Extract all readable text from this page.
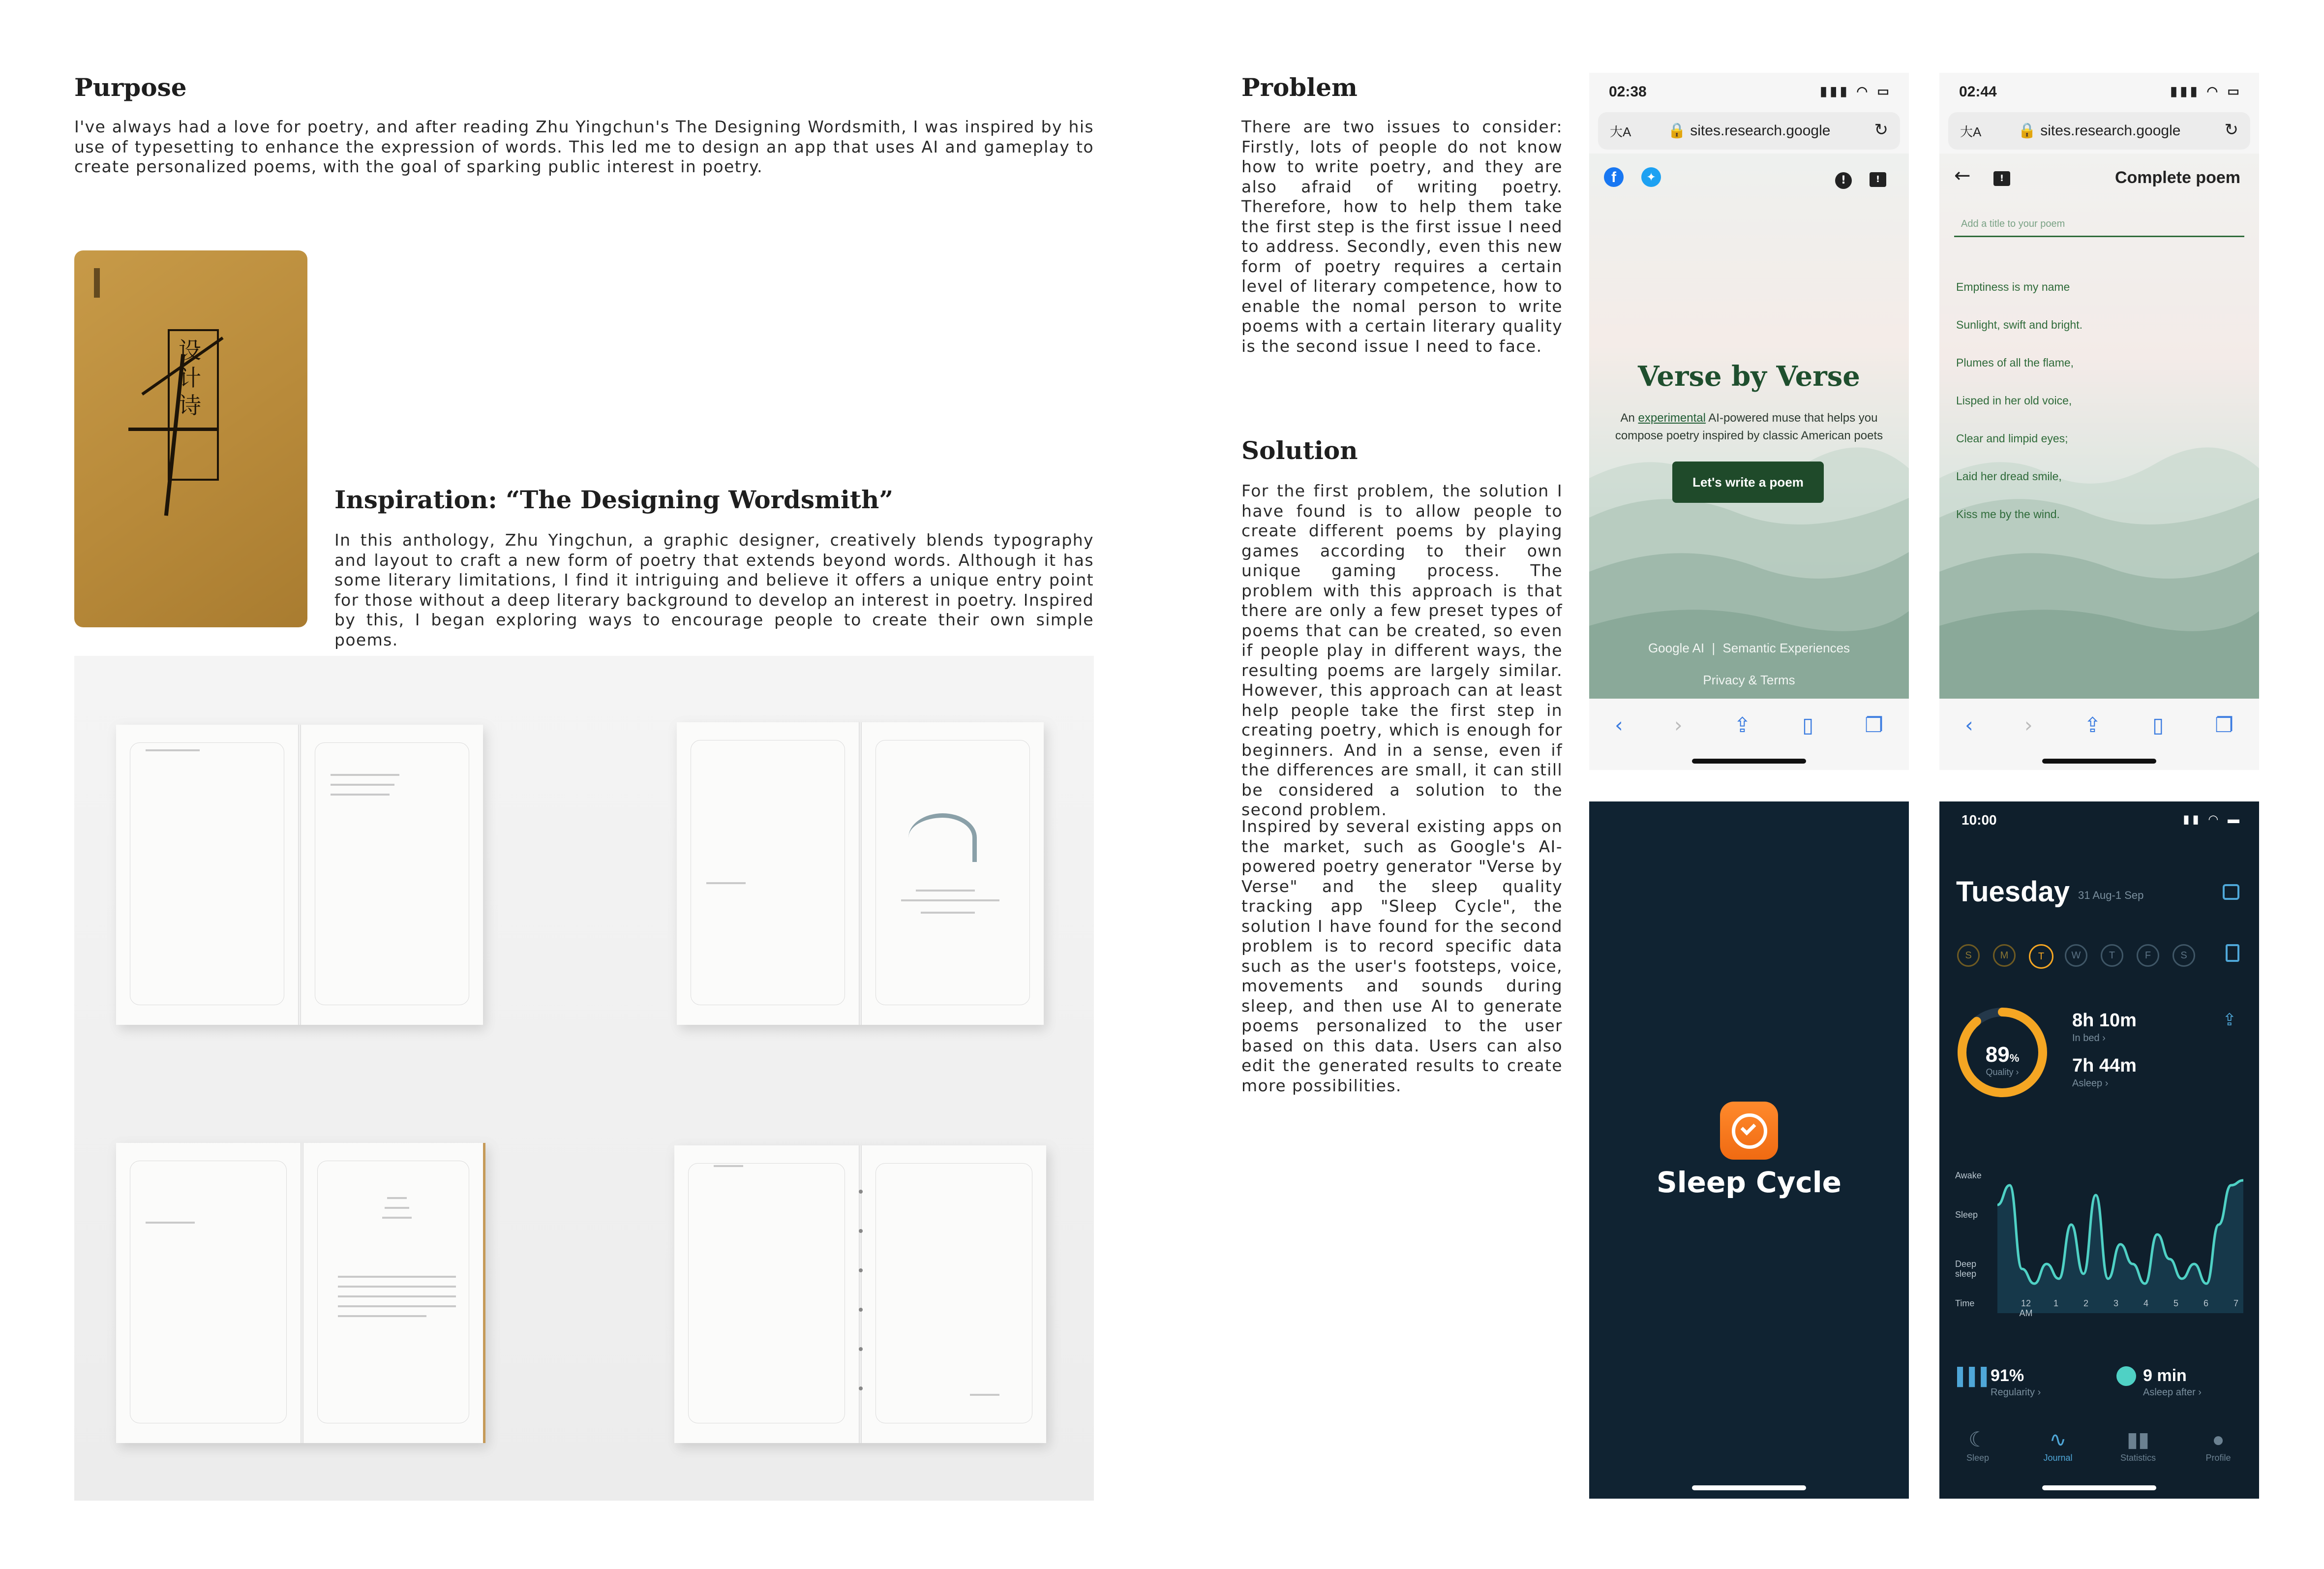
Purpose

I've always had a love for poetry, and after reading Zhu Yingchun's The Designing Wordsmith, I was inspired by his use of typesetting to enhance the expression of words. This led me to design an app that uses AI and gameplay to create personalized poems, with the goal of sparking public interest in poetry.

设计诗
Inspiration: “The Designing Wordsmith”

In this anthology, Zhu Yingchun, a graphic designer, creatively blends typography and layout to craft a new form of poetry that extends beyond words. Although it has some literary limitations, I find it intriguing and believe it offers a unique entry point for those without a deep literary background to develop an interest in poetry. Inspired by this, I began exploring ways to encourage people to create their own simple poems.

Problem

There are two issues to consider: Firstly, lots of people do not know how to write poetry, and they are also afraid of writing poetry. Therefore, how to help them take the first step is the first issue I need to address. Secondly, even this new form of poetry requires a certain level of literary competence, how to enable the nomal person to write poems with a certain literary quality is the second issue I need to face.

Solution

For the first problem, the solution I have found is to allow people to create different poems by playing games according to their own unique gaming process. The problem with this approach is that there are only a few preset types of poems that can be created, so even if people play in different ways, the resulting poems are largely similar. However, this approach can at least help people take the first step in creating poetry, which is enough for beginners. And in a sense, even if the differences are small, it can still be considered a solution to the second problem.

Inspired by several existing apps on the market, such as Google's AI-powered poetry generator "Verse by Verse" and the sleep quality tracking app "Sleep Cycle", the solution I have found for the second problem is to record specific data such as the user's footsteps, voice, movements and sounds during sleep, and then use AI to generate poems personalized to the user based on this data. Users can also edit the generated results to create more possibilities.

02:38	▮▮▮ ◠ ▭
大A	🔒 sites.research.google	↻
f	✦	!	!
Verse by Verse
An experimental AI-powered muse that helps you compose poetry inspired by classic American poets
Let's write a poem
Google AI | Semantic Experiences
Privacy & Terms
‹ › ⇪ ▯ ❐
02:44	▮▮▮ ◠ ▭
大A	🔒 sites.research.google	↻
←	!	Complete poem
Add a title to your poem
Emptiness is my name
Sunlight, swift and bright.
Plumes of all the flame,
Lisped in her old voice,
Clear and limpid eyes;
Laid her dread smile,
Kiss me by the wind.
‹ › ⇪ ▯ ❐
Sleep Cycle
10:00	▮▮ ◠ ▬
Tuesday 31 Aug-1 Sep
S	M	T	W	T	F	S
89%
Quality ›
8h 10m
In bed ›
7h 44m
Asleep ›
⇪
Awake
Sleep
Deep sleep
Time	12 AM
1	2	3	4	5	6	7
▌▌▌
91%
Regularity ›
9 min
Asleep after ›
☾
Sleep
∿
Journal
▮▮
Statistics
●
Profile
